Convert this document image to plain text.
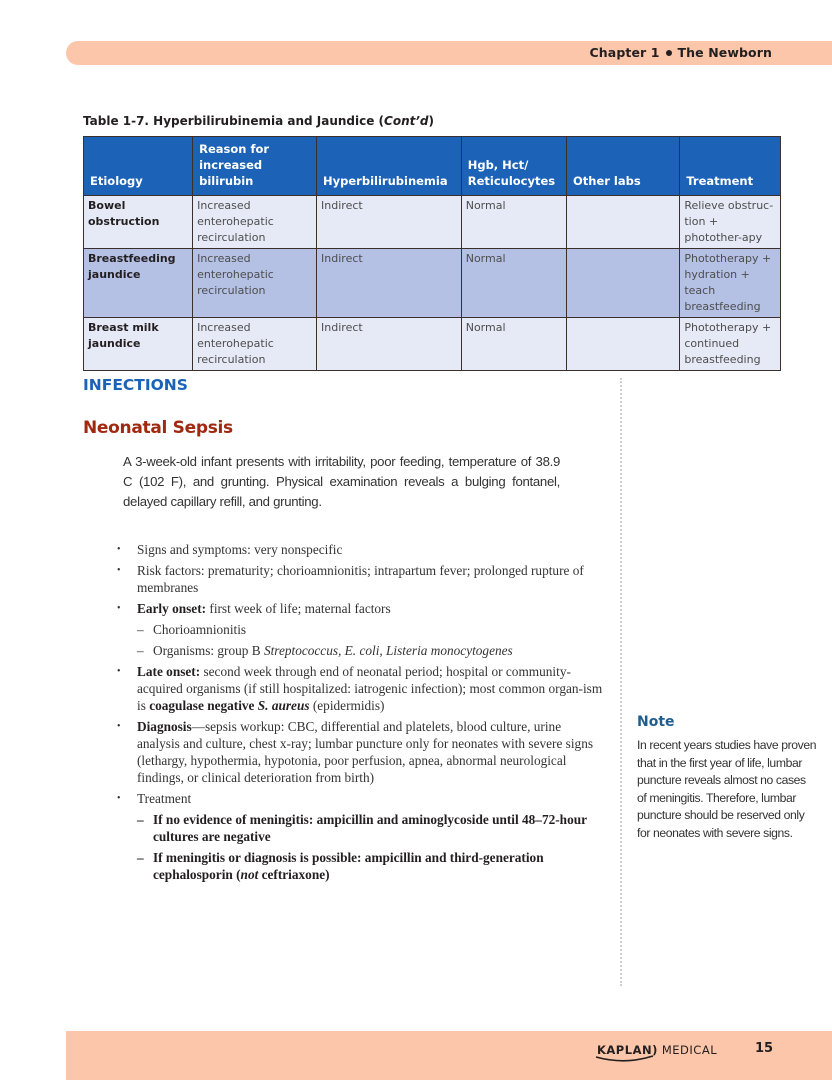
Chapter 1 The Newborn
Table 1-7. Hyperbilirubinemia and Jaundice (Cont’d)
Etiology	Reason for increased bilirubin	Hyperbilirubinemia	Hgb, Hct/ Reticulocytes	Other labs	Treatment
Bowel obstruction	Increased enterohepatic recirculation	Indirect	Normal		Relieve obstruc-tion + photother-apy
Breastfeeding jaundice	Increased enterohepatic recirculation	Indirect	Normal		Phototherapy + hydration + teach breastfeeding
Breast milk jaundice	Increased enterohepatic recirculation	Indirect	Normal		Phototherapy + continued breastfeeding
INFECTIONS
Neonatal Sepsis
A 3-week-old infant presents with irritability, poor feeding, temperature of 38.9 C (102 F), and grunting. Physical examination reveals a bulging fontanel, delayed capillary refill, and grunting.
• Signs and symptoms: very nonspecific
• Risk factors: prematurity; chorioamnionitis; intrapartum fever; prolonged rupture of membranes
• Early onset: first week of life; maternal factors
– Chorioamnionitis
– Organisms: group B Streptococcus, E. coli, Listeria monocytogenes
• Late onset: second week through end of neonatal period; hospital or community-acquired organisms (if still hospitalized: iatrogenic infection); most common organ-ism is coagulase negative S. aureus (epidermidis)
• Diagnosis—sepsis workup: CBC, differential and platelets, blood culture, urine analysis and culture, chest x-ray; lumbar puncture only for neonates with severe signs (lethargy, hypothermia, hypotonia, poor perfusion, apnea, abnormal neurological findings, or clinical deterioration from birth)
• Treatment
– If no evidence of meningitis: ampicillin and aminoglycoside until 48–72-hour cultures are negative
– If meningitis or diagnosis is possible: ampicillin and third-generation cephalosporin (not ceftriaxone)
Note
In recent years studies have proven that in the first year of life, lumbar puncture reveals almost no cases of meningitis. Therefore, lumbar puncture should be reserved only for neonates with severe signs.
KAPLAN) MEDICAL	15
